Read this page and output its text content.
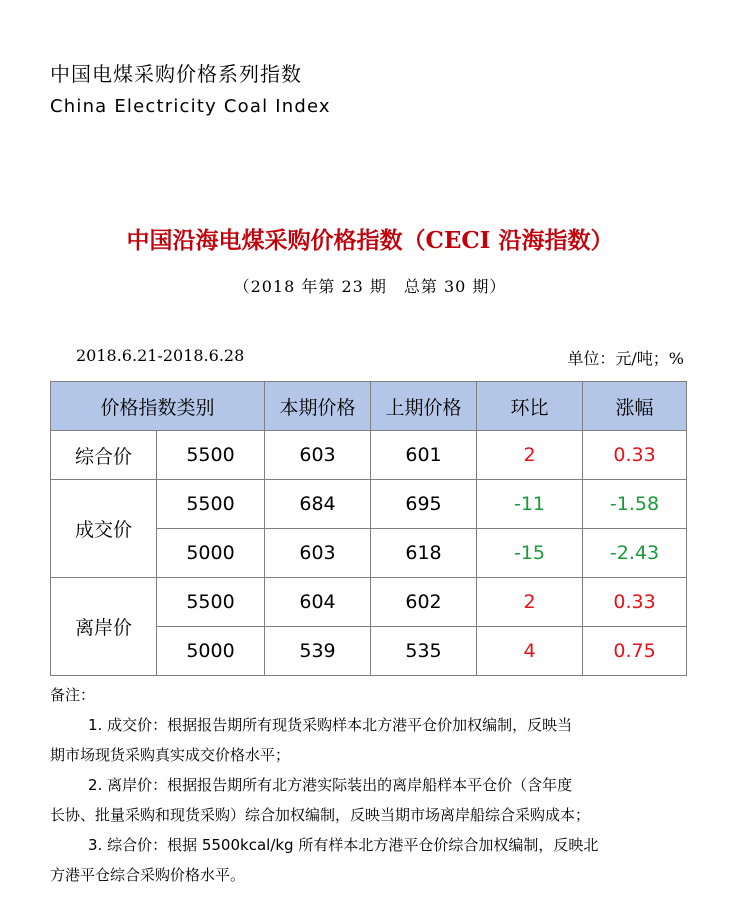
中国电煤采购价格系列指数
China Electricity Coal Index
中国沿海电煤采购价格指数（CECI 沿海指数）
（2018 年第 23 期　总第 30 期）
2018.6.21-2018.6.28	单位：元/吨；%
价格指数类别		本期价格	上期价格	环比	涨幅
综合价	5500	603	601	2	0.33
成交价	5500	684	695	-11	-1.58
	5000	603	618	-15	-2.43
离岸价	5500	604	602	2	0.33
	5000	539	535	4	0.75

备注：

1. 成交价：根据报告期所有现货采购样本北方港平仓价加权编制，反映当

期市场现货采购真实成交价格水平；

2. 离岸价：根据报告期所有北方港实际装出的离岸船样本平仓价（含年度

长协、批量采购和现货采购）综合加权编制，反映当期市场离岸船综合采购成本；

3. 综合价：根据 5500kcal/kg 所有样本北方港平仓价综合加权编制，反映北

方港平仓综合采购价格水平。
